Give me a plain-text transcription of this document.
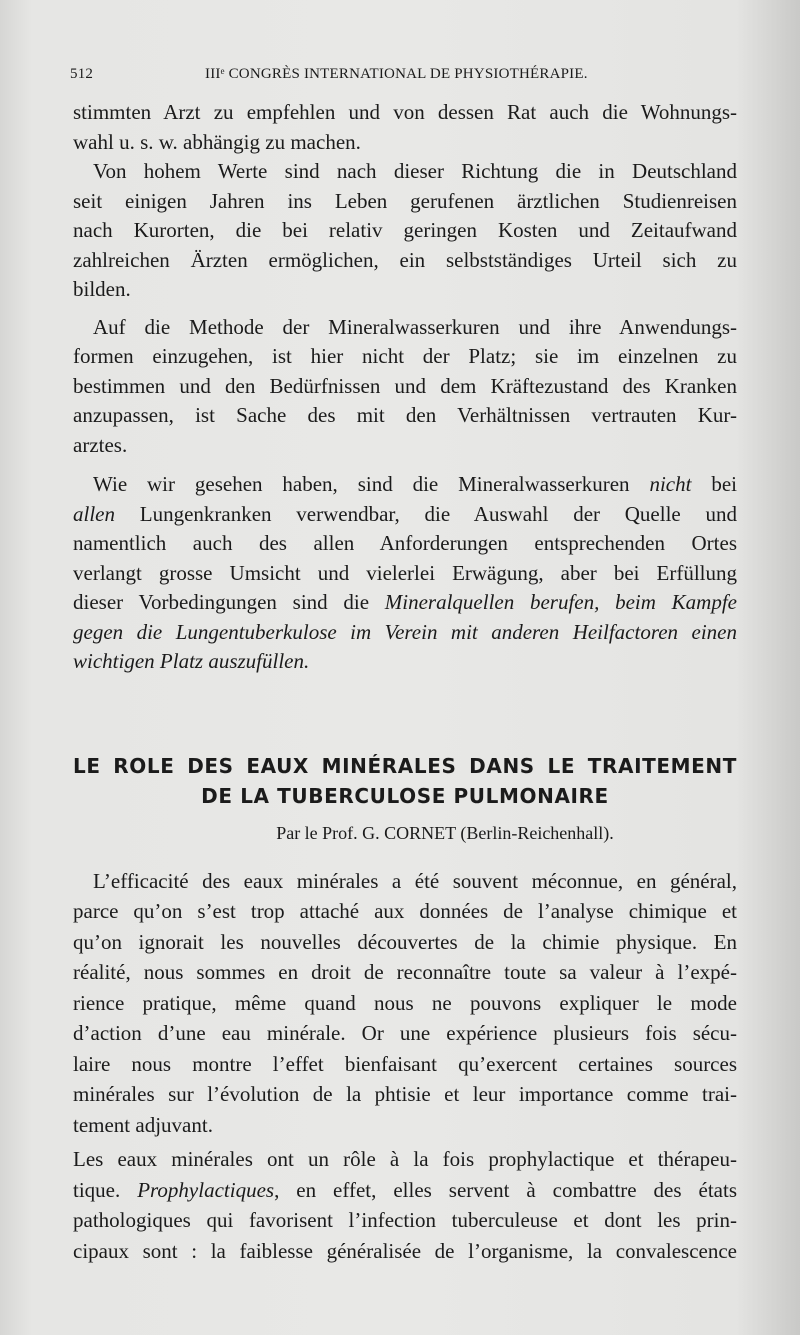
512	IIIᵉ CONGRÈS INTERNATIONAL DE PHYSIOTHÉRAPIE.
stimmten Arzt zu empfehlen und von dessen Rat auch die Wohnungs-
wahl u. s. w. abhängig zu machen.
Von hohem Werte sind nach dieser Richtung die in Deutschland
seit einigen Jahren ins Leben gerufenen ärztlichen Studienreisen
nach Kurorten, die bei relativ geringen Kosten und Zeitaufwand
zahlreichen Ärzten ermöglichen, ein selbstständiges Urteil sich zu
bilden.
Auf die Methode der Mineralwasserkuren und ihre Anwendungs-
formen einzugehen, ist hier nicht der Platz; sie im einzelnen zu
bestimmen und den Bedürfnissen und dem Kräftezustand des Kranken
anzupassen, ist Sache des mit den Verhältnissen vertrauten Kur-
arztes.
Wie wir gesehen haben, sind die Mineralwasserkuren nicht bei
allen Lungenkranken verwendbar, die Auswahl der Quelle und
namentlich auch des allen Anforderungen entsprechenden Ortes
verlangt grosse Umsicht und vielerlei Erwägung, aber bei Erfüllung
dieser Vorbedingungen sind die Mineralquellen berufen, beim Kampfe
gegen die Lungentuberkulose im Verein mit anderen Heilfactoren einen
wichtigen Platz auszufüllen.
LE ROLE DES EAUX MINÉRALES DANS LE TRAITEMENT
DE LA TUBERCULOSE PULMONAIRE
Par le Prof. G. CORNET (Berlin-Reichenhall).
L’efficacité des eaux minérales a été souvent méconnue, en général,
parce qu’on s’est trop attaché aux données de l’analyse chimique et
qu’on ignorait les nouvelles découvertes de la chimie physique. En
réalité, nous sommes en droit de reconnaître toute sa valeur à l’expé-
rience pratique, même quand nous ne pouvons expliquer le mode
d’action d’une eau minérale. Or une expérience plusieurs fois sécu-
laire nous montre l’effet bienfaisant qu’exercent certaines sources
minérales sur l’évolution de la phtisie et leur importance comme trai-
tement adjuvant.
Les eaux minérales ont un rôle à la fois prophylactique et thérapeu-
tique. Prophylactiques, en effet, elles servent à combattre des états
pathologiques qui favorisent l’infection tuberculeuse et dont les prin-
cipaux sont : la faiblesse généralisée de l’organisme, la convalescence
